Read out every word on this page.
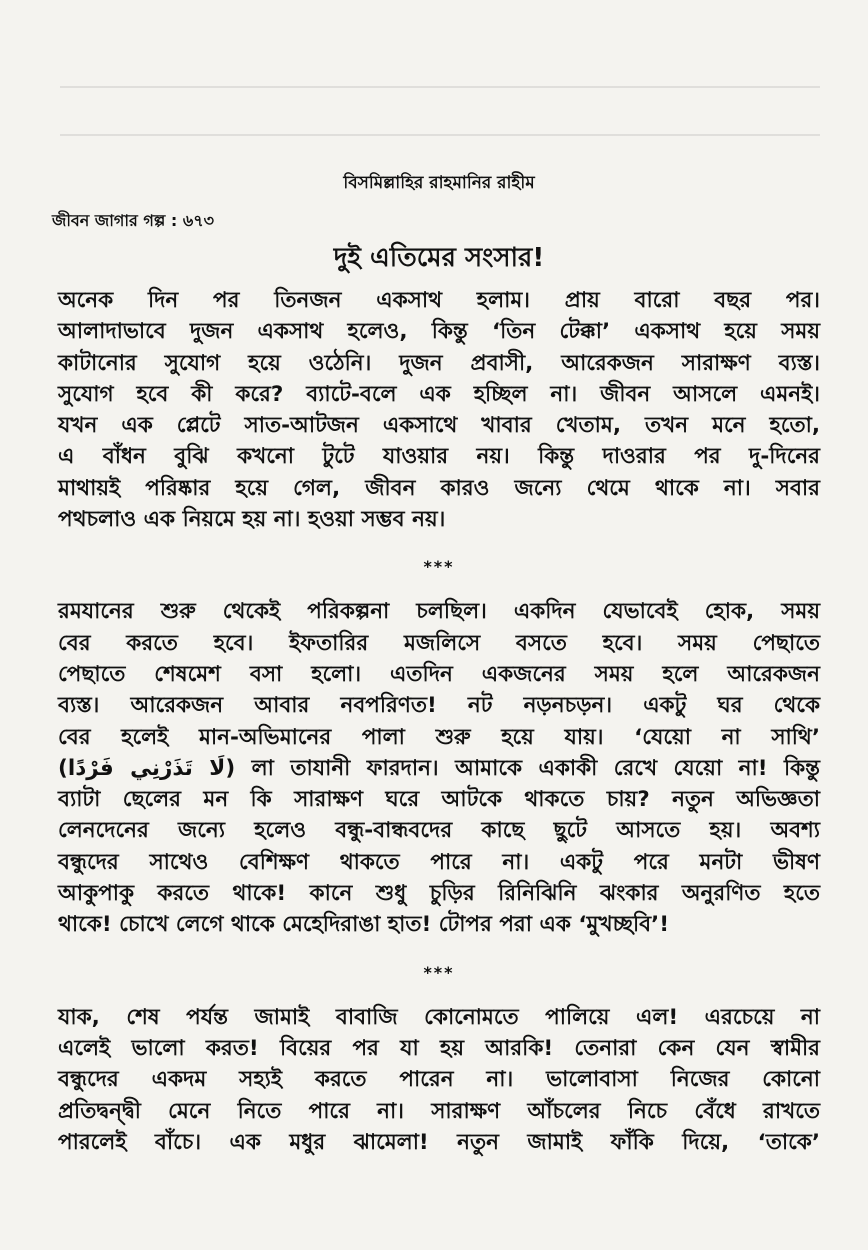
বিসমিল্লাহির রাহমানির রাহীম
জীবন জাগার গল্প : ৬৭৩
দুই এতিমের সংসার!

অনেক দিন পর তিনজন একসাথ হলাম। প্রায় বারো বছর পর।
আলাদাভাবে দুজন একসাথ হলেও, কিন্তু ‘তিন টেক্কা’ একসাথ হয়ে সময়
কাটানোর সুযোগ হয়ে ওঠেনি। দুজন প্রবাসী, আরেকজন সারাক্ষণ ব্যস্ত।
সুযোগ হবে কী করে? ব্যাটে-বলে এক হচ্ছিল না। জীবন আসলে এমনই।
যখন এক প্লেটে সাত-আটজন একসাথে খাবার খেতাম, তখন মনে হতো,
এ বাঁধন বুঝি কখনো টুটে যাওয়ার নয়। কিন্তু দাওরার পর দু-দিনের
মাথায়ই পরিষ্কার হয়ে গেল, জীবন কারও জন্যে থেমে থাকে না। সবার
পথচলাও এক নিয়মে হয় না। হওয়া সম্ভব নয়।

***

রমযানের শুরু থেকেই পরিকল্পনা চলছিল। একদিন যেভাবেই হোক, সময়
বের করতে হবে। ইফতারির মজলিসে বসতে হবে। সময় পেছাতে
পেছাতে শেষমেশ বসা হলো। এতদিন একজনের সময় হলে আরেকজন
ব্যস্ত। আরেকজন আবার নবপরিণত! নট নড়নচড়ন। একটু ঘর থেকে
বের হলেই মান-অভিমানের পালা শুরু হয়ে যায়। ‘যেয়ো না সাথি’
(لَا تَذَرْنِي فَرْدًا) লা তাযানী ফারদান। আমাকে একাকী রেখে যেয়ো না! কিন্তু
ব্যাটা ছেলের মন কি সারাক্ষণ ঘরে আটকে থাকতে চায়? নতুন অভিজ্ঞতা
লেনদেনের জন্যে হলেও বন্ধু-বান্ধবদের কাছে ছুটে আসতে হয়। অবশ্য
বন্ধুদের সাথেও বেশিক্ষণ থাকতে পারে না। একটু পরে মনটা ভীষণ
আকুপাকু করতে থাকে! কানে শুধু চুড়ির রিনিঝিনি ঝংকার অনুরণিত হতে
থাকে! চোখে লেগে থাকে মেহেদিরাঙা হাত! টোপর পরা এক ‘মুখচ্ছবি’!

***

যাক, শেষ পর্যন্ত জামাই বাবাজি কোনোমতে পালিয়ে এল! এরচেয়ে না
এলেই ভালো করত! বিয়ের পর যা হয় আরকি! তেনারা কেন যেন স্বামীর
বন্ধুদের একদম সহ্যই করতে পারেন না। ভালোবাসা নিজের কোনো
প্রতিদ্বন্দ্বী মেনে নিতে পারে না। সারাক্ষণ আঁচলের নিচে বেঁধে রাখতে
পারলেই বাঁচে। এক মধুর ঝামেলা! নতুন জামাই ফাঁকি দিয়ে, ‘তাকে’
